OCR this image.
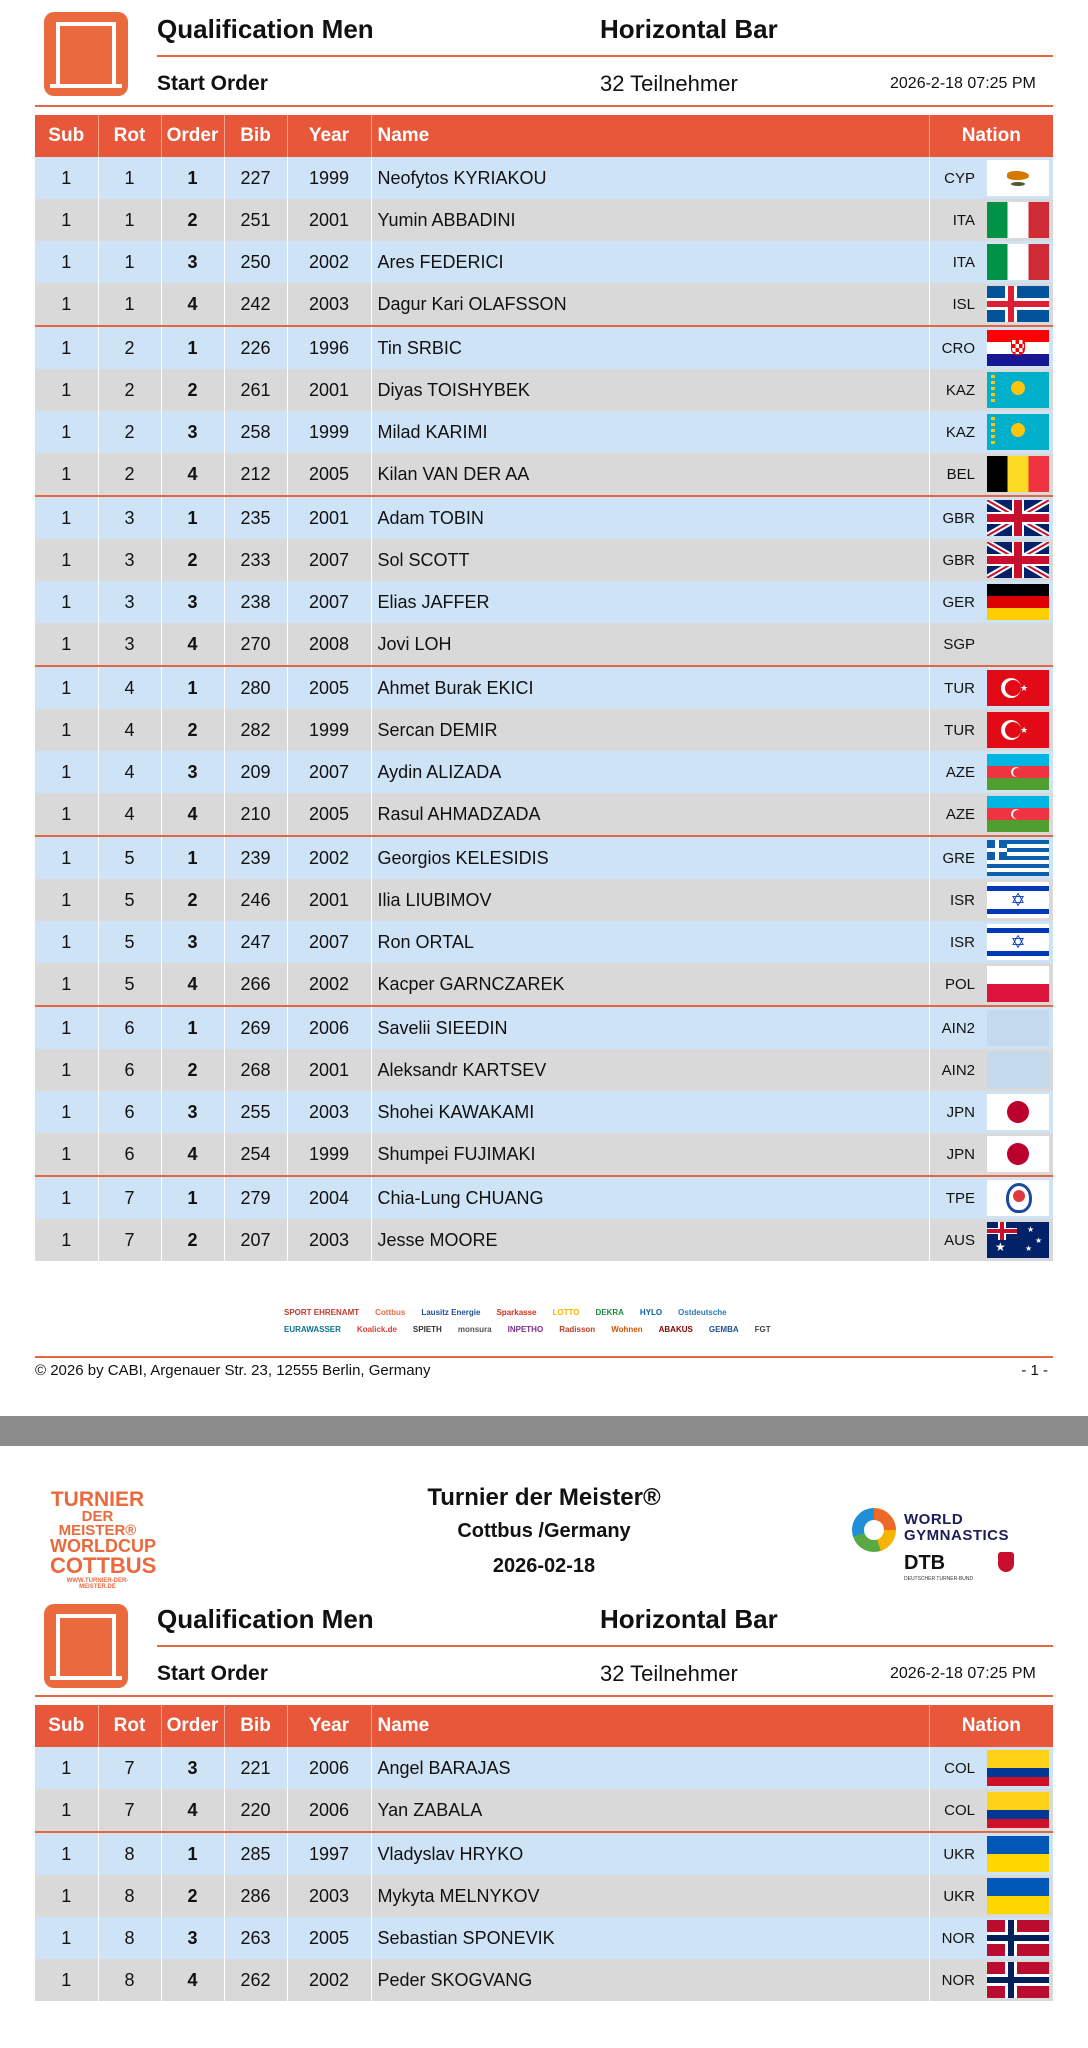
Qualification Men	Horizontal Bar
Start Order	32 Teilnehmer	2026-2-18 07:25 PM
Sub	Rot	Order	Bib	Year	Name	Nation	
1	1	1	227	1999	Neofytos KYRIAKOU	CYP	

1	1	2	251	2001	Yumin ABBADINI	ITA	

1	1	3	250	2002	Ares FEDERICI	ITA	

1	1	4	242	2003	Dagur Kari OLAFSSON	ISL	

1	2	1	226	1996	Tin SRBIC	CRO	

1	2	2	261	2001	Diyas TOISHYBEK	KAZ	

1	2	3	258	1999	Milad KARIMI	KAZ	

1	2	4	212	2005	Kilan VAN DER AA	BEL	

1	3	1	235	2001	Adam TOBIN	GBR	

1	3	2	233	2007	Sol SCOTT	GBR	

1	3	3	238	2007	Elias JAFFER	GER	

1	3	4	270	2008	Jovi LOH	SGP	

1	4	1	280	2005	Ahmet Burak EKICI	TUR	★

1	4	2	282	1999	Sercan DEMIR	TUR	★

1	4	3	209	2007	Aydin ALIZADA	AZE	

1	4	4	210	2005	Rasul AHMADZADA	AZE	

1	5	1	239	2002	Georgios KELESIDIS	GRE	

1	5	2	246	2001	Ilia LIUBIMOV	ISR	✡

1	5	3	247	2007	Ron ORTAL	ISR	✡

1	5	4	266	2002	Kacper GARNCZAREK	POL	

1	6	1	269	2006	Savelii SIEEDIN	AIN2	

1	6	2	268	2001	Aleksandr KARTSEV	AIN2	

1	6	3	255	2003	Shohei KAWAKAMI	JPN	

1	6	4	254	1999	Shumpei FUJIMAKI	JPN	

1	7	1	279	2004	Chia-Lung CHUANG	TPE	

1	7	2	207	2003	Jesse MOORE	AUS	★
★
★
★
SPORT EHRENAMT	Cottbus	Lausitz Energie	Sparkasse	LOTTO	DEKRA	HYLO	Ostdeutsche
EURAWASSER	Koalick.de	SPIETH	monsura	INPETHO	Radisson	Wohnen	ABAKUS	GEMBA	FGT
© 2026 by CABI, Argenauer Str. 23, 12555 Berlin, Germany	- 1 -
TURNIER
DER MEISTER®
WORLDCUP
COTTBUS
WWW.TURNIER-DER-MEISTER.DE
Turnier der Meister®
Cottbus /Germany
2026-02-18
WORLD GYMNASTICS
DTB
DEUTSCHER TURNER-BUND
Qualification Men	Horizontal Bar
Start Order	32 Teilnehmer	2026-2-18 07:25 PM
Sub	Rot	Order	Bib	Year	Name	Nation	
1	7	3	221	2006	Angel BARAJAS	COL	

1	7	4	220	2006	Yan ZABALA	COL	

1	8	1	285	1997	Vladyslav HRYKO	UKR	

1	8	2	286	2003	Mykyta MELNYKOV	UKR	

1	8	3	263	2005	Sebastian SPONEVIK	NOR	

1	8	4	262	2002	Peder SKOGVANG	NOR	
